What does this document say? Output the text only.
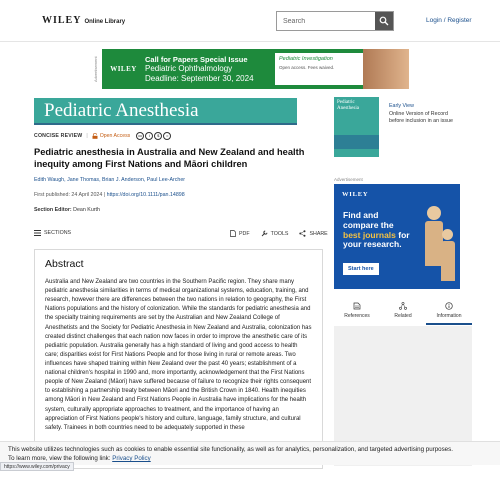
WILEY Online Library
Search	Login / Register
Advertisement	WILEY
Call for Papers Special Issue
Pediatric Ophthalmology
Deadline: September 30, 2024
Pediatric Investigation
Open access. Fees waived.
Pediatric Anesthesia
CONCISE REVIEW | Open Access	cc	i	$	=
Pediatric anesthesia in Australia and New Zealand and health inequity among First Nations and Māori children
Edith Waugh, Jane Thomas, Brian J. Anderson, Paul Lee-Archer
First published: 24 April 2024 | https://doi.org/10.1111/pan.14898
Section Editor: Dean Kurth
SECTIONS	PDF	TOOLS	SHARE
Abstract

Australia and New Zealand are two countries in the Southern Pacific region. They share many pediatric anesthesia similarities in terms of medical organizational systems, education, training, and research, however there are differences between the two nations in relation to geography, the First Nations populations and the history of colonization. While the standards for pediatric anesthesia and the specialty training requirements are set by the Australian and New Zealand College of Anesthetists and the Society for Pediatric Anesthesia in New Zealand and Australia, colonization has created distinct challenges that each nation now faces in order to improve the anesthetic care of its pediatric population. Australia generally has a high standard of living and good access to health care; disparities exist for First Nations People and for those living in rural or remote areas. Two influences have shaped training within New Zealand over the past 40 years; establishment of a national children's hospital in 1990 and, more importantly, acknowledgement that the First Nations people of New Zealand (Māori) have suffered because of failure to recognize their rights consequent to establishing a partnership treaty between Māori and the British Crown in 1840. Health inequities among Māori in New Zealand and First Nations People in Australia have implications for the health system, culturally appropriate approaches to treatment, and the importance of having an appreciation of First Nations people's history and culture, language, family structure, and cultural safety. Trainees in both countries need to be adequately supported in these

Pediatric Anesthesia	Early View
Online Version of Record
before inclusion in an issue
Advertisement
WILEY
Find and compare the best journals for your research.
Start here
References	Related	Information
This website utilizes technologies such as cookies to enable essential site functionality, as well as for analytics, personalization, and targeted advertising purposes.
To learn more, view the following link: Privacy Policy
https://www.wiley.com/privacy
